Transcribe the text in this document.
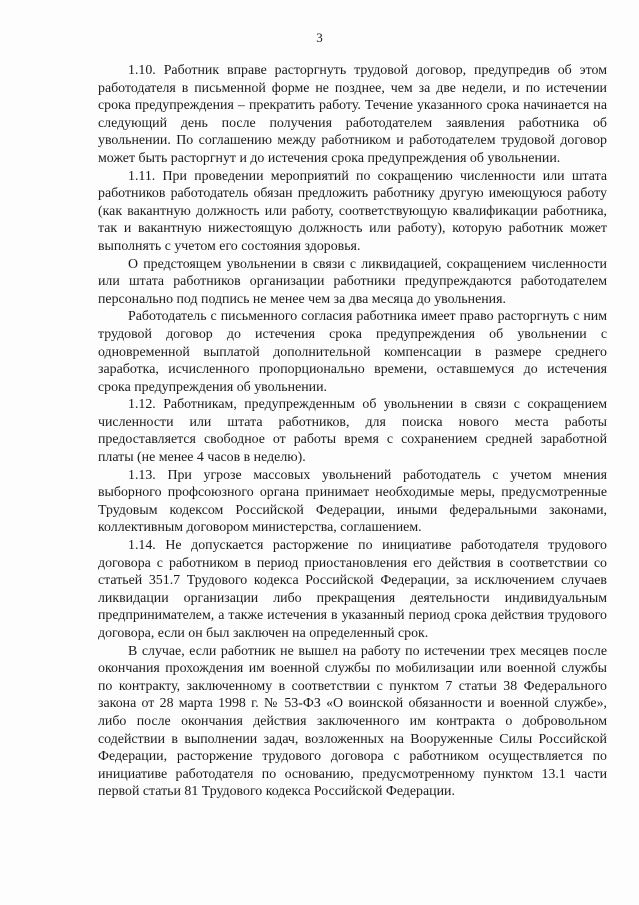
3

1.10. Работник вправе расторгнуть трудовой договор, предупредив об этом работодателя в письменной форме не позднее, чем за две недели, и по истечении срока предупреждения – прекратить работу. Течение указанного срока начинается на следующий день после получения работодателем заявления работника об увольнении. По соглашению между работником и работодателем трудовой договор может быть расторгнут и до истечения срока предупреждения об увольнении.

1.11. При проведении мероприятий по сокращению численности или штата работников работодатель обязан предложить работнику другую имеющуюся работу (как вакантную должность или работу, соответствующую квалификации работника, так и вакантную нижестоящую должность или работу), которую работник может выполнять с учетом его состояния здоровья.

О предстоящем увольнении в связи с ликвидацией, сокращением численности или штата работников организации работники предупреждаются работодателем персонально под подпись не менее чем за два месяца до увольнения.

Работодатель с письменного согласия работника имеет право расторгнуть с ним трудовой договор до истечения срока предупреждения об увольнении с одновременной выплатой дополнительной компенсации в размере среднего заработка, исчисленного пропорционально времени, оставшемуся до истечения срока предупреждения об увольнении.

1.12. Работникам, предупрежденным об увольнении в связи с сокращением численности или штата работников, для поиска нового места работы предоставляется свободное от работы время с сохранением средней заработной платы (не менее 4 часов в неделю).

1.13. При угрозе массовых увольнений работодатель с учетом мнения выборного профсоюзного органа принимает необходимые меры, предусмотренные Трудовым кодексом Российской Федерации, иными федеральными законами, коллективным договором министерства, соглашением.

1.14. Не допускается расторжение по инициативе работодателя трудового договора с работником в период приостановления его действия в соответствии со статьей 351.7 Трудового кодекса Российской Федерации, за исключением случаев ликвидации организации либо прекращения деятельности индивидуальным предпринимателем, а также истечения в указанный период срока действия трудового договора, если он был заключен на определенный срок.

В случае, если работник не вышел на работу по истечении трех месяцев после окончания прохождения им военной службы по мобилизации или военной службы по контракту, заключенному в соответствии с пунктом 7 статьи 38 Федерального закона от 28 марта 1998 г. № 53-ФЗ «О воинской обязанности и военной службе», либо после окончания действия заключенного им контракта о добровольном содействии в выполнении задач, возложенных на Вооруженные Силы Российской Федерации, расторжение трудового договора с работником осуществляется по инициативе работодателя по основанию, предусмотренному пунктом 13.1 части первой статьи 81 Трудового кодекса Российской Федерации.
